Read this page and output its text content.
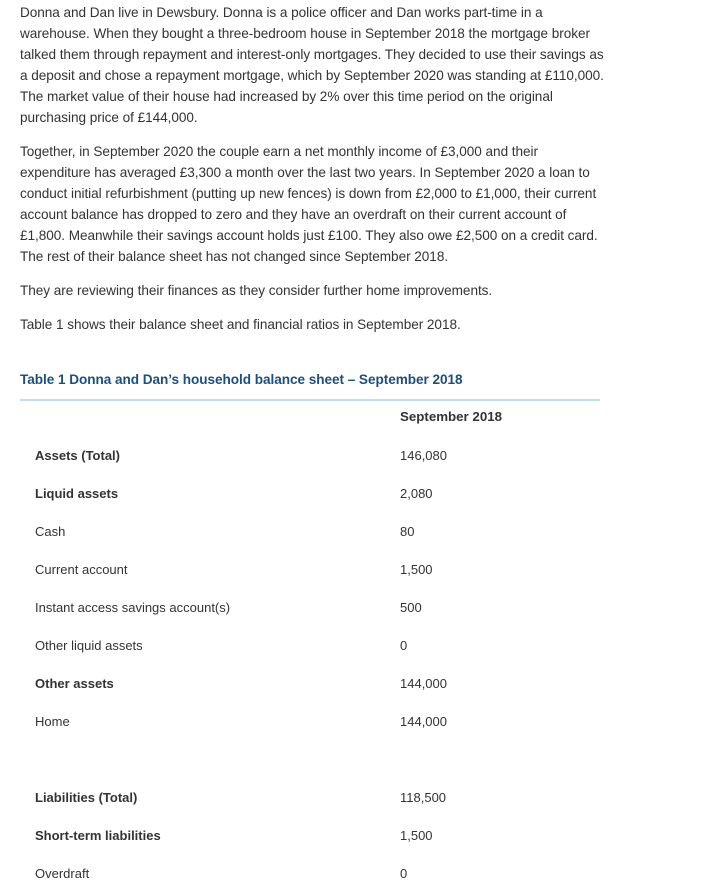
Donna and Dan live in Dewsbury. Donna is a police officer and Dan works part-time in a warehouse. When they bought a three-bedroom house in September 2018 the mortgage broker talked them through repayment and interest-only mortgages. They decided to use their savings as a deposit and chose a repayment mortgage, which by September 2020 was standing at £110,000. The market value of their house had increased by 2% over this time period on the original purchasing price of £144,000.

Together, in September 2020 the couple earn a net monthly income of £3,000 and their expenditure has averaged £3,300 a month over the last two years. In September 2020 a loan to conduct initial refurbishment (putting up new fences) is down from £2,000 to £1,000, their current account balance has dropped to zero and they have an overdraft on their current account of £1,800. Meanwhile their savings account holds just £100. They also owe £2,500 on a credit card. The rest of their balance sheet has not changed since September 2018.

They are reviewing their finances as they consider further home improvements.

Table 1 shows their balance sheet and financial ratios in September 2018.

Table 1 Donna and Dan’s household balance sheet – September 2018
September 2018
Assets (Total)	146,080
Liquid assets	2,080
Cash	80
Current account	1,500
Instant access savings account(s)	500
Other liquid assets	0
Other assets	144,000
Home	144,000
Liabilities (Total)	118,500
Short-term liabilities	1,500
Overdraft	0
